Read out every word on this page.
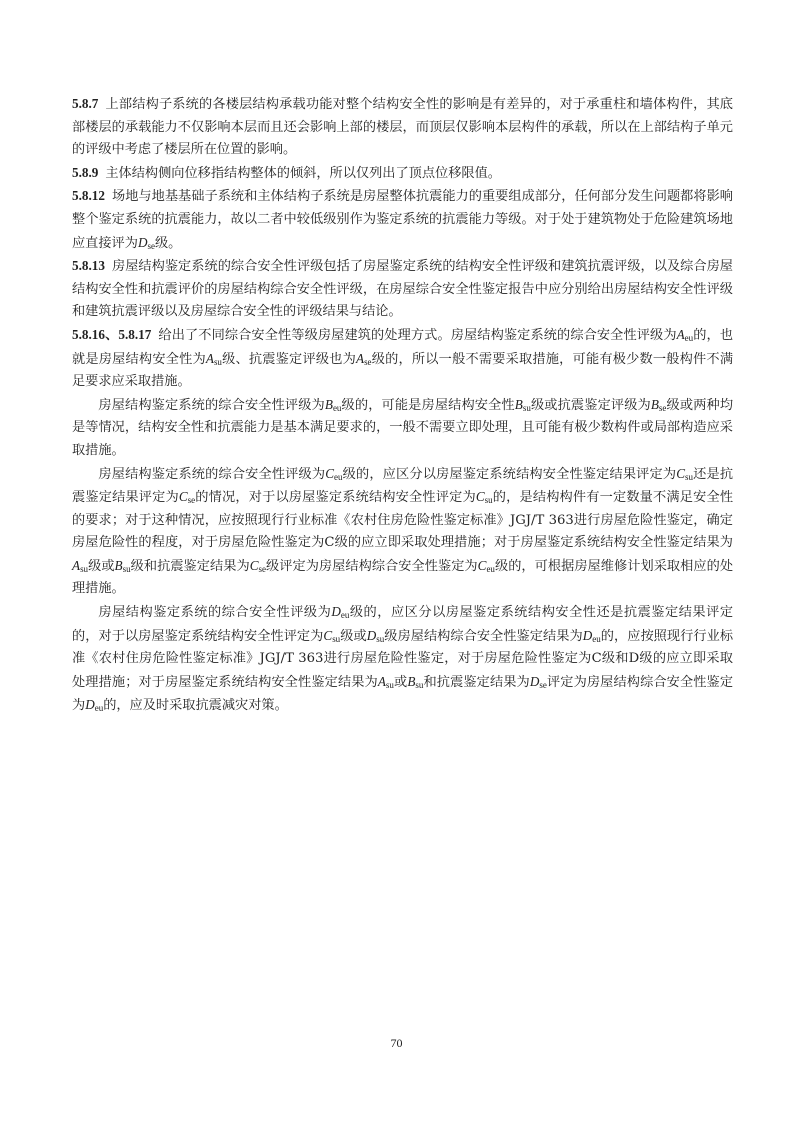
5.8.7 上部结构子系统的各楼层结构承载功能对整个结构安全性的影响是有差异的，对于承重柱和墙体构件，其底部楼层的承载能力不仅影响本层而且还会影响上部的楼层，而顶层仅影响本层构件的承载，所以在上部结构子单元的评级中考虑了楼层所在位置的影响。

5.8.9 主体结构侧向位移指结构整体的倾斜，所以仅列出了顶点位移限值。

5.8.12 场地与地基基础子系统和主体结构子系统是房屋整体抗震能力的重要组成部分，任何部分发生问题都将影响整个鉴定系统的抗震能力，故以二者中较低级别作为鉴定系统的抗震能力等级。对于处于建筑物处于危险建筑场地应直接评为$D_{se}$级。

5.8.13 房屋结构鉴定系统的综合安全性评级包括了房屋鉴定系统的结构安全性评级和建筑抗震评级，以及综合房屋结构安全性和抗震评价的房屋结构综合安全性评级，在房屋综合安全性鉴定报告中应分别给出房屋结构安全性评级和建筑抗震评级以及房屋综合安全性的评级结果与结论。

5.8.16、5.8.17 给出了不同综合安全性等级房屋建筑的处理方式。房屋结构鉴定系统的综合安全性评级为$A_{eu}$的，也就是房屋结构安全性为$A_{su}$级、抗震鉴定评级也为$A_{se}$级的，所以一般不需要采取措施，可能有极少数一般构件不满足要求应采取措施。

房屋结构鉴定系统的综合安全性评级为$B_{eu}$级的，可能是房屋结构安全性$B_{su}$级或抗震鉴定评级为$B_{se}$级或两种均是等情况，结构安全性和抗震能力是基本满足要求的，一般不需要立即处理，且可能有极少数构件或局部构造应采取措施。

房屋结构鉴定系统的综合安全性评级为$C_{eu}$级的，应区分以房屋鉴定系统结构安全性鉴定结果评定为$C_{su}$还是抗震鉴定结果评定为$C_{se}$的情况，对于以房屋鉴定系统结构安全性评定为$C_{su}$的，是结构构件有一定数量不满足安全性的要求；对于这种情况，应按照现行行业标准《农村住房危险性鉴定标准》JGJ/T 363进行房屋危险性鉴定，确定房屋危险性的程度，对于房屋危险性鉴定为C级的应立即采取处理措施；对于房屋鉴定系统结构安全性鉴定结果为$A_{su}$级或$B_{su}$级和抗震鉴定结果为$C_{se}$级评定为房屋结构综合安全性鉴定为$C_{eu}$级的，可根据房屋维修计划采取相应的处理措施。

房屋结构鉴定系统的综合安全性评级为$D_{eu}$级的，应区分以房屋鉴定系统结构安全性还是抗震鉴定结果评定的，对于以房屋鉴定系统结构安全性评定为$C_{su}$级或$D_{su}$级房屋结构综合安全性鉴定结果为$D_{eu}$的，应按照现行行业标准《农村住房危险性鉴定标准》JGJ/T 363进行房屋危险性鉴定，对于房屋危险性鉴定为C级和D级的应立即采取处理措施；对于房屋鉴定系统结构安全性鉴定结果为$A_{su}$或$B_{su}$和抗震鉴定结果为$D_{se}$评定为房屋结构综合安全性鉴定为$D_{eu}$的，应及时采取抗震减灾对策。

70
